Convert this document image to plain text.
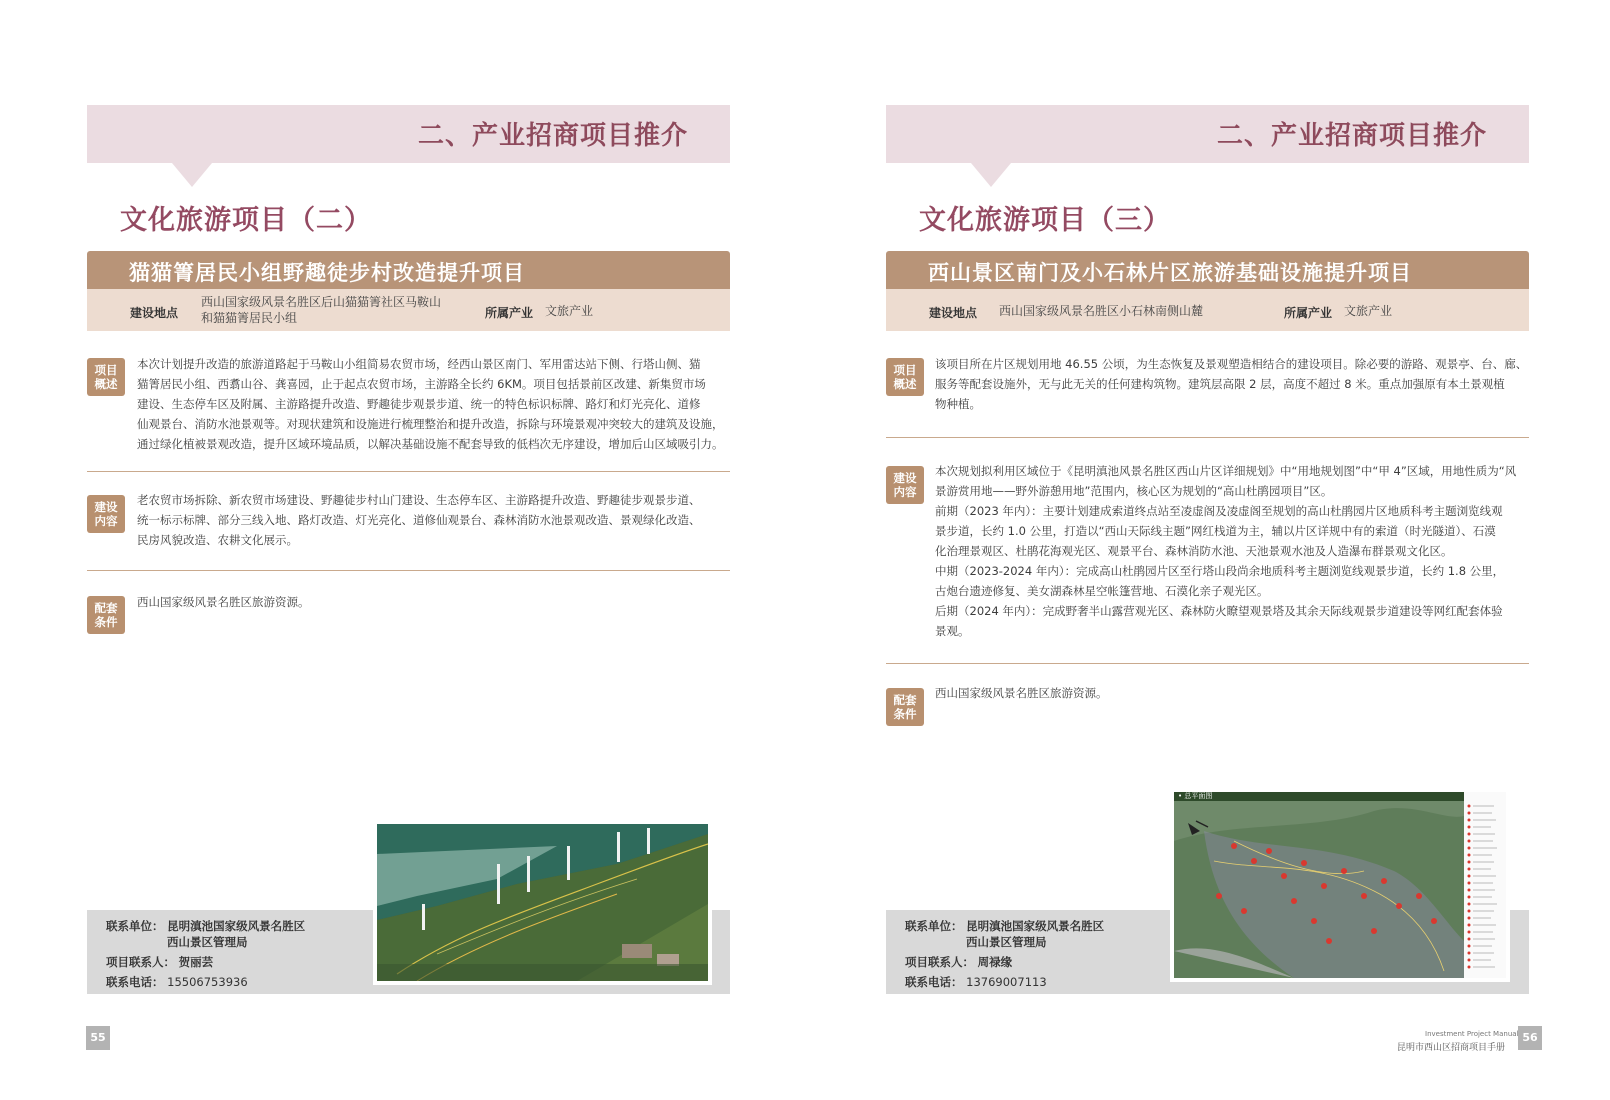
二、产业招商项目推介
文化旅游项目（二）
猫猫箐居民小组野趣徒步村改造提升项目
建设地点
西山国家级风景名胜区后山猫猫箐社区马鞍山
和猫猫箐居民小组	所属产业 文旅产业
项目
概述
本次计划提升改造的旅游道路起于马鞍山小组简易农贸市场，经西山景区南门、军用雷达站下侧、行塔山侧、猫
猫箐居民小组、西翥山谷、龚喜园，止于起点农贸市场，主游路全长约 6KM。项目包括景前区改建、新集贸市场
建设、生态停车区及附属、主游路提升改造、野趣徒步观景步道、统一的特色标识标牌、路灯和灯光亮化、道修
仙观景台、消防水池景观等。对现状建筑和设施进行梳理整治和提升改造，拆除与环境景观冲突较大的建筑及设施，
通过绿化植被景观改造，提升区域环境品质，以解决基础设施不配套导致的低档次无序建设，增加后山区域吸引力。
建设
内容
老农贸市场拆除、新农贸市场建设、野趣徒步村山门建设、生态停车区、主游路提升改造、野趣徒步观景步道、
统一标示标牌、部分三线入地、路灯改造、灯光亮化、道修仙观景台、森林消防水池景观改造、景观绿化改造、
民房风貌改造、农耕文化展示。
配套
条件
西山国家级风景名胜区旅游资源。
联系单位： 昆明滇池国家级风景名胜区
西山景区管理局
项目联系人： 贺丽芸
联系电话： 15506753936
55
二、产业招商项目推介
文化旅游项目（三）
西山景区南门及小石林片区旅游基础设施提升项目
建设地点 西山国家级风景名胜区小石林南侧山麓	所属产业 文旅产业
项目
概述
该项目所在片区规划用地 46.55 公顷，为生态恢复及景观塑造相结合的建设项目。除必要的游路、观景亭、台、廊、
服务等配套设施外，无与此无关的任何建构筑物。建筑层高限 2 层，高度不超过 8 米。重点加强原有本土景观植
物种植。
建设
内容
本次规划拟利用区域位于《昆明滇池风景名胜区西山片区详细规划》中“用地规划图”中“甲 4”区域，用地性质为“风
景游赏用地——野外游憩用地”范围内，核心区为规划的“高山杜鹃园项目”区。
前期（2023 年内）：主要计划建成索道终点站至凌虚阁及凌虚阁至规划的高山杜鹃园片区地质科考主题浏览线观
景步道，长约 1.0 公里，打造以“西山天际线主题”网红栈道为主，辅以片区详规中有的索道（时光隧道）、石漠
化治理景观区、杜鹃花海观光区、观景平台、森林消防水池、天池景观水池及人造瀑布群景观文化区。
中期（2023-2024 年内）：完成高山杜鹃园片区至行塔山段尚余地质科考主题浏览线观景步道，长约 1.8 公里，
古炮台遗迹修复、美女湖森林星空帐篷营地、石漠化亲子观光区。
后期（2024 年内）：完成野奢半山露营观光区、森林防火瞭望观景塔及其余天际线观景步道建设等网红配套体验
景观。
配套
条件
西山国家级风景名胜区旅游资源。
联系单位： 昆明滇池国家级风景名胜区
西山景区管理局
项目联系人： 周禄缘
联系电话： 13769007113
• 总平面图
Investment Project Manual
昆明市西山区招商项目手册
56
